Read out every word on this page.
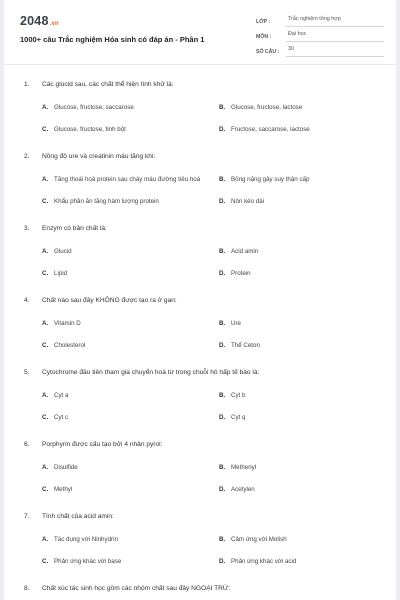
2048.vn
1000+ câu Trắc nghiệm Hóa sinh có đáp án - Phần 1
LỚP :	Trắc nghiệm tổng hợp
MÔN :	Đại học
SỐ CÂU :	30
1.	Các glucid sau, các chất thể hiện tính khử là:
A. Glucose, fructose, saccarose	B. Glucose, fructose, lactose
C. Glucose, fructose, tinh bột	D. Fructose, saccarose, lactose
2.	Nồng độ ure và creatinin máu tăng khi:
A. Tăng thoái hoá protein sau cháy máu đường tiêu hoá	B. Bỏng nặng gây suy thận cấp
C. Khẩu phần ăn tăng hàm lượng protein	D. Nôn kéo dài
3.	Enzym có bản chất là:
A. Glucid	B. Acid amin
C. Lipid	D. Protein
4.	Chất nào sau đây KHÔNG được tạo ra ở gan:
A. Vitamin D	B. Ure
C. Cholesterol	D. Thể Ceton
5.	Cytochrome đầu tiên tham gia chuyển hoá từ trong chuỗi hô hấp tế bào là:
A. Cyt a	B. Cyt b
C. Cyt c	D. Cyt q
6.	Porphyrin được cấu tạo bởi 4 nhân pyrol:
A. Disulfide	B. Methenyl
C. Methyl	D. Acetylen
7.	Tính chất của acid amin:
A. Tác dụng với Ninhydrin	B. Cảm ứng với Molish
C. Phản ứng khác với base	D. Phản ứng khác với acid
8.	Chất xúc tác sinh học gồm các nhóm chất sau đây NGOẠI TRỪ:
